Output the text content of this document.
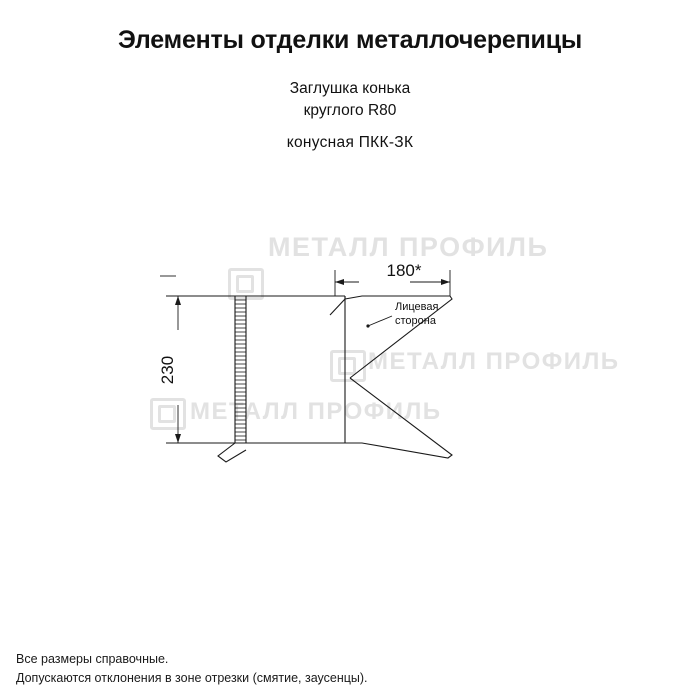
МЕТАЛЛ ПРОФИЛЬ
МЕТАЛЛ ПРОФИЛЬ
МЕТАЛЛ ПРОФИЛЬ
Элементы отделки металлочерепицы
Заглушка конька
круглого R80
конусная ПКК-ЗК
180*
230
Лицевая
сторона
Все размеры справочные.
Допускаются отклонения в зоне отрезки (смятие, заусенцы).
